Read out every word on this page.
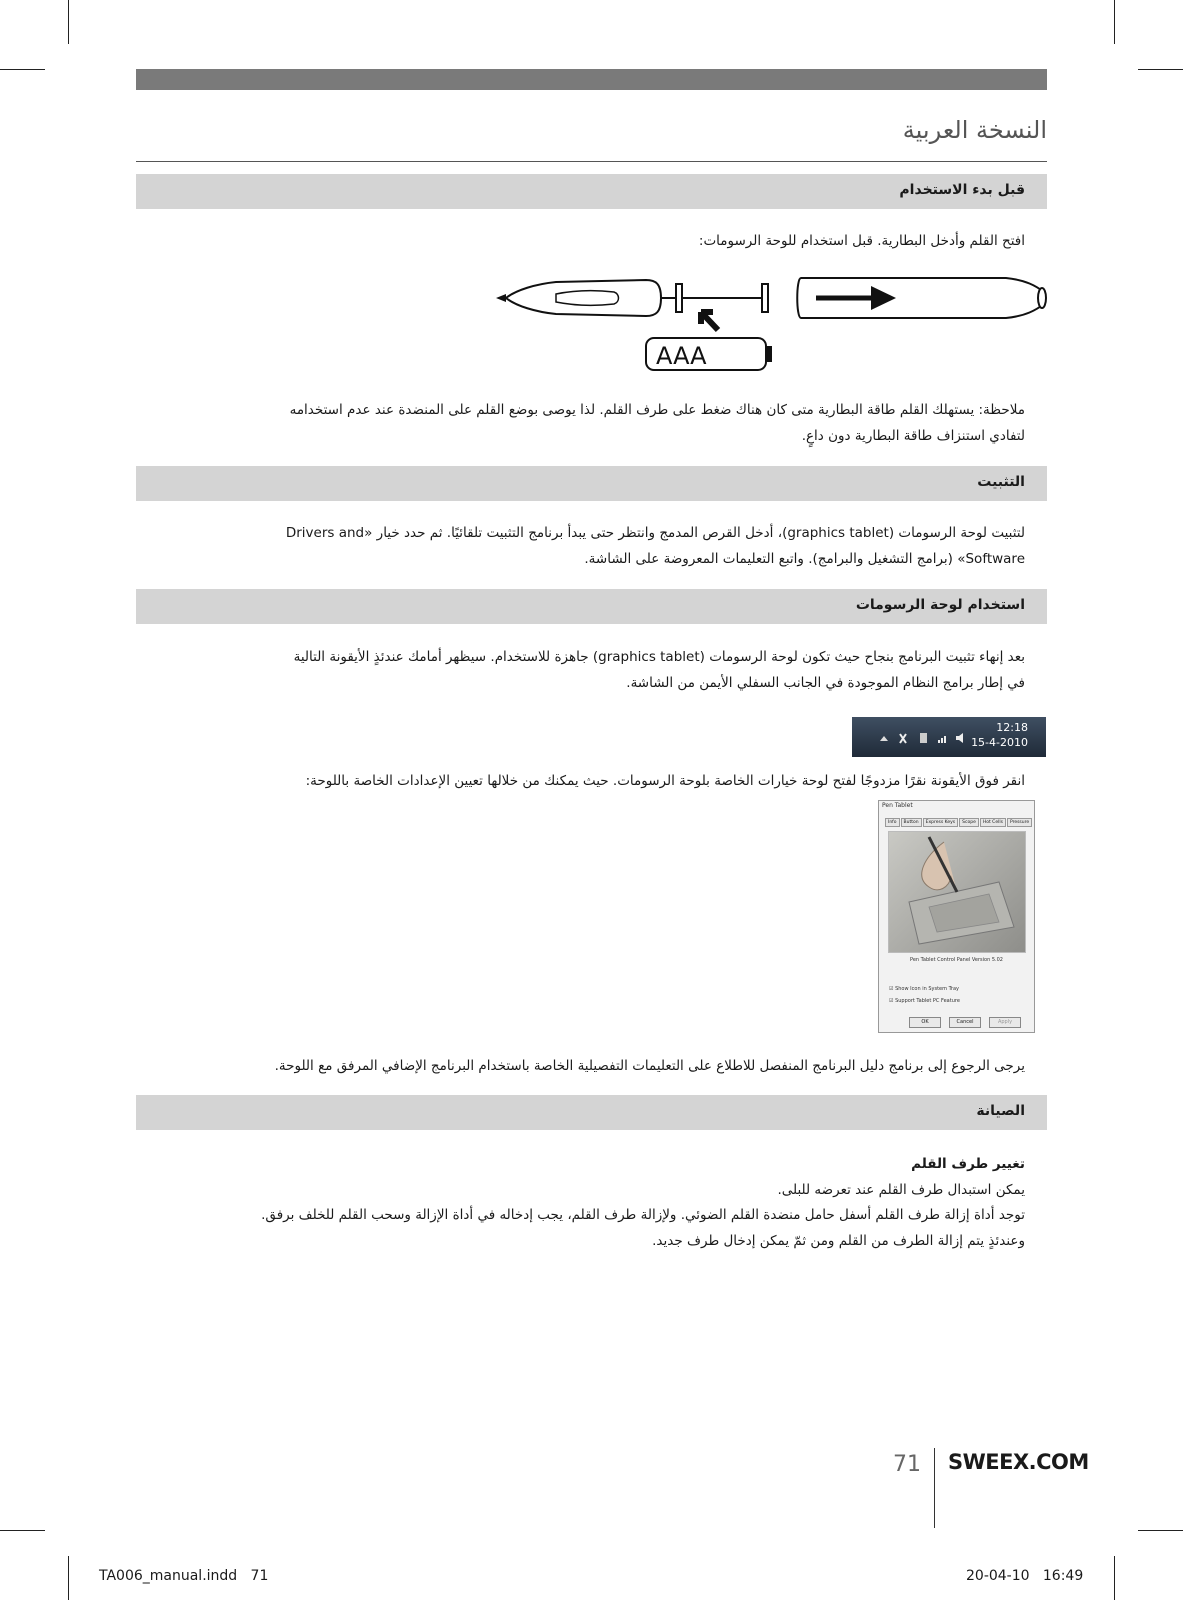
النسخة العربية
قبل بدء الاستخدام
افتح القلم وأدخل البطارية. قبل استخدام للوحة الرسومات:
AAA
ملاحظة: يستهلك القلم طاقة البطارية متى كان هناك ضغط على طرف القلم. لذا يوصى بوضع القلم على المنضدة عند عدم استخدامه
لتفادي استنزاف طاقة البطارية دون داعٍ.
التثبيت
لتثبيت لوحة الرسومات (graphics tablet)، أدخل القرص المدمج وانتظر حتى يبدأ برنامج التثبيت تلقائيًا. ثم حدد خيار «Drivers and
Software» (برامج التشغيل والبرامج). واتبع التعليمات المعروضة على الشاشة.
استخدام لوحة الرسومات
بعد إنهاء تثبيت البرنامج بنجاح حيث تكون لوحة الرسومات (graphics tablet) جاهزة للاستخدام. سيظهر أمامك عندئذٍ الأيقونة التالية
في إطار برامج النظام الموجودة في الجانب السفلي الأيمن من الشاشة.
12:18
15-4-2010
انقر فوق الأيقونة نقرًا مزدوجًا لفتح لوحة خيارات الخاصة بلوحة الرسومات. حيث يمكنك من خلالها تعيين الإعدادات الخاصة باللوحة:
Pen Tablet
Info	Button	Express Keys	Scope	Hot Cells	Pressure
Pen Tablet Control Panel Version 5.02
☑ Show Icon in System Tray
☑ Support Tablet PC Feature
OK	Cancel	Apply
يرجى الرجوع إلى برنامج دليل البرنامج المنفصل للاطلاع على التعليمات التفصيلية الخاصة باستخدام البرنامج الإضافي المرفق مع اللوحة.
الصيانة
تغيير طرف القلم
يمكن استبدال طرف القلم عند تعرضه للبلى.
توجد أداة إزالة طرف القلم أسفل حامل منضدة القلم الضوئي. ولإزالة طرف القلم، يجب إدخاله في أداة الإزالة وسحب القلم للخلف برفق.
وعندئذٍ يتم إزالة الطرف من القلم ومن ثمّ يمكن إدخال طرف جديد.
71 SWEEX.COM
TA006_manual.indd   71	20-04-10   16:49
